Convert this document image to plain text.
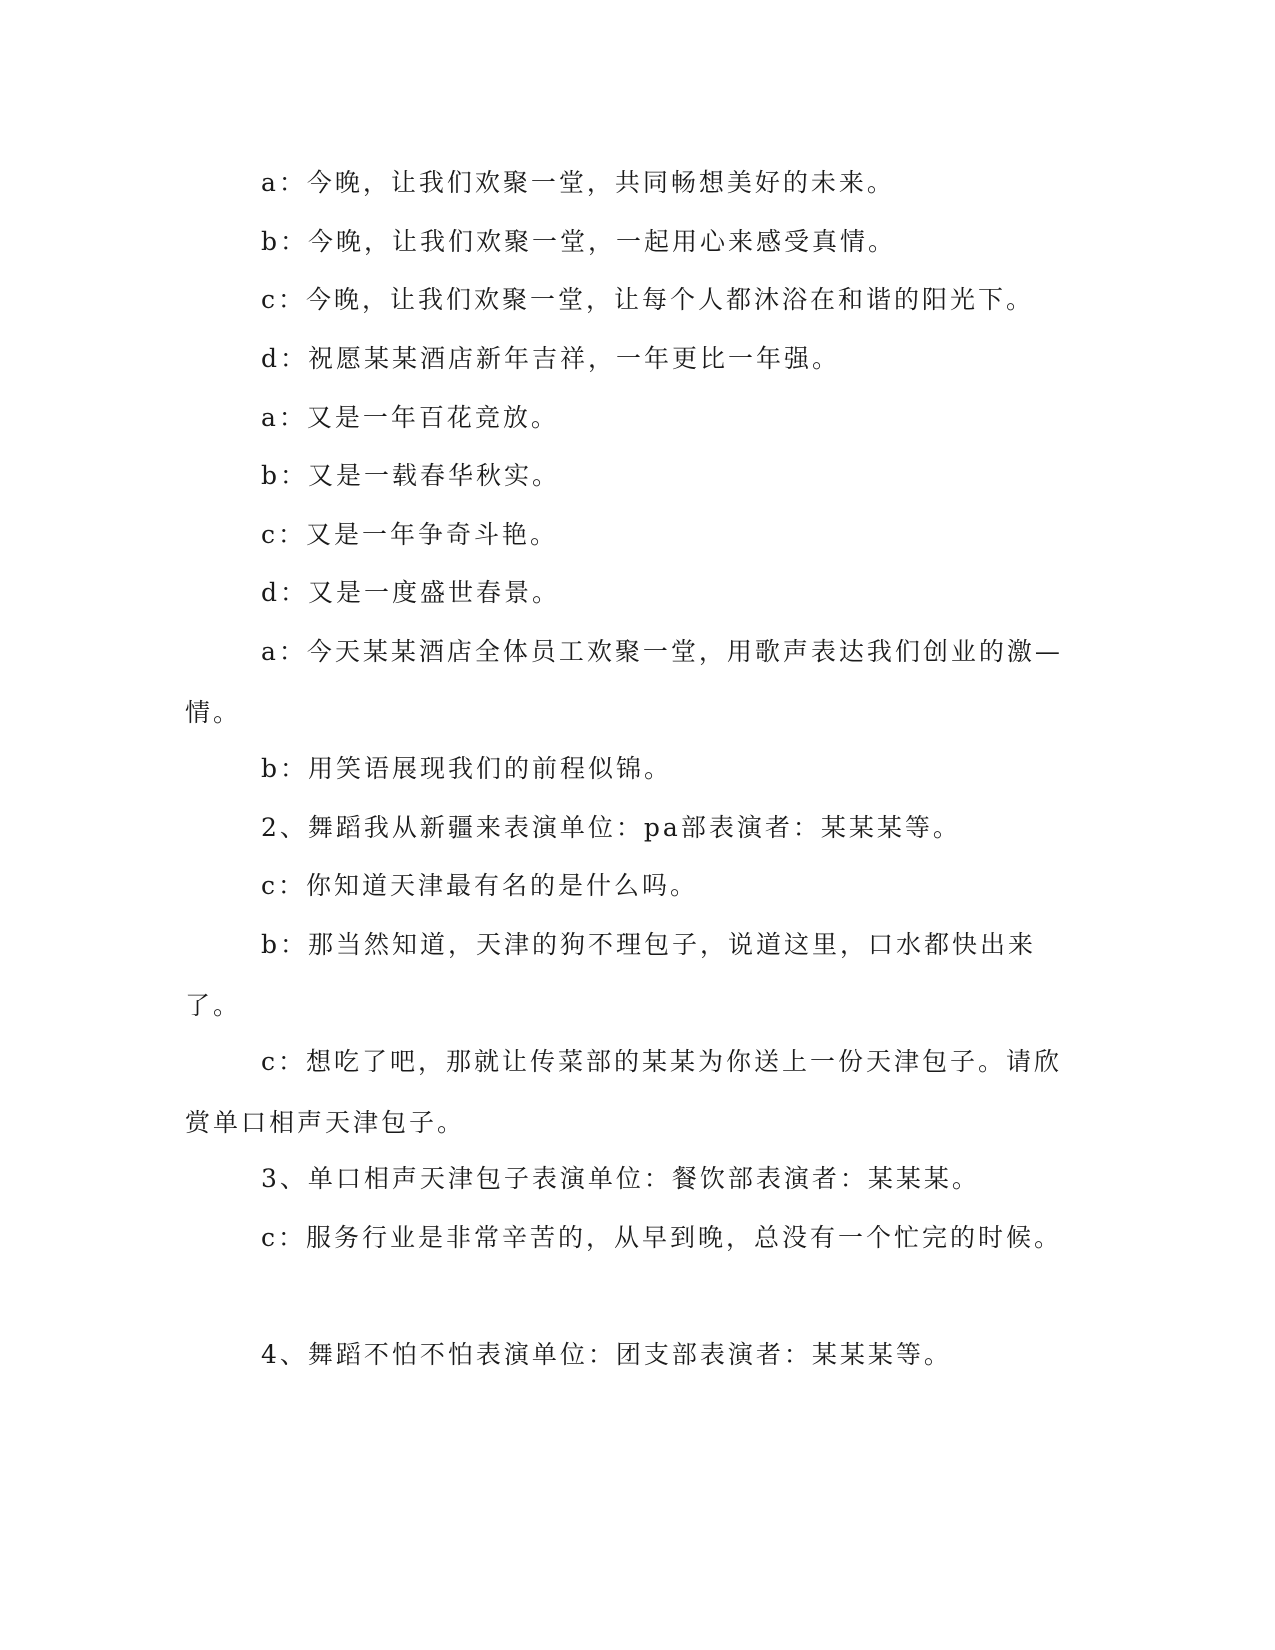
a：今晚，让我们欢聚一堂，共同畅想美好的未来。

b：今晚，让我们欢聚一堂，一起用心来感受真情。

c：今晚，让我们欢聚一堂，让每个人都沐浴在和谐的阳光下。

d：祝愿某某酒店新年吉祥，一年更比一年强。

a：又是一年百花竞放。

b：又是一载春华秋实。

c：又是一年争奇斗艳。

d：又是一度盛世春景。

a：今天某某酒店全体员工欢聚一堂，用歌声表达我们创业的激—情。

b：用笑语展现我们的前程似锦。

2、舞蹈我从新疆来表演单位：pa部表演者：某某某等。

c：你知道天津最有名的是什么吗。

b：那当然知道，天津的狗不理包子，说道这里，口水都快出来了。

c：想吃了吧，那就让传菜部的某某为你送上一份天津包子。请欣赏单口相声天津包子。

3、单口相声天津包子表演单位：餐饮部表演者：某某某。

c：服务行业是非常辛苦的，从早到晚，总没有一个忙完的时候。

4、舞蹈不怕不怕表演单位：团支部表演者：某某某等。
